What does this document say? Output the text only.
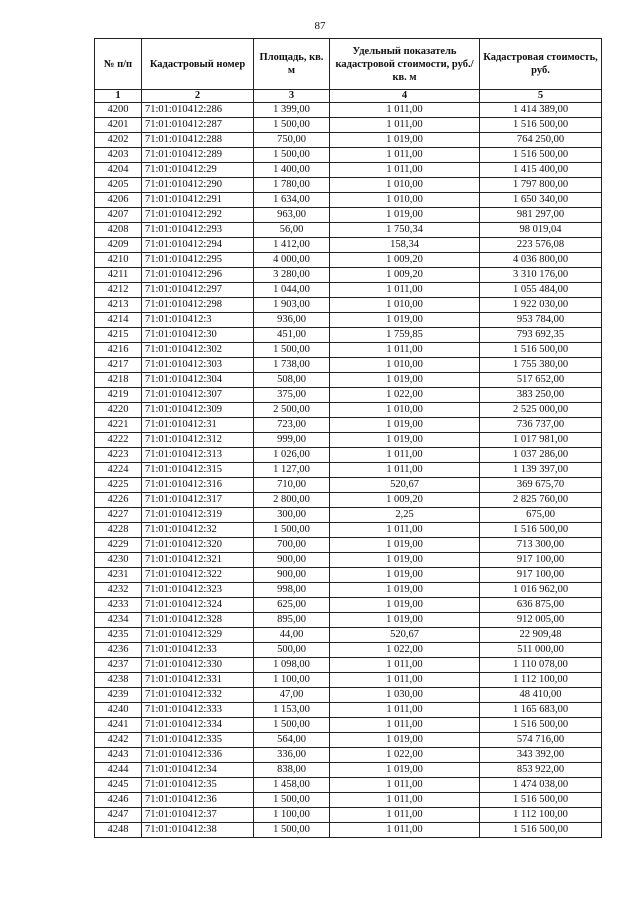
87
№ п/п	Кадастровый номер	Площадь, кв. м	Удельный показатель кадастровой стоимости, руб./кв. м	Кадастровая стоимость, руб.
1	2	3	4	5
4200	71:01:010412:286	1 399,00	1 011,00	1 414 389,00
4201	71:01:010412:287	1 500,00	1 011,00	1 516 500,00
4202	71:01:010412:288	750,00	1 019,00	764 250,00
4203	71:01:010412:289	1 500,00	1 011,00	1 516 500,00
4204	71:01:010412:29	1 400,00	1 011,00	1 415 400,00
4205	71:01:010412:290	1 780,00	1 010,00	1 797 800,00
4206	71:01:010412:291	1 634,00	1 010,00	1 650 340,00
4207	71:01:010412:292	963,00	1 019,00	981 297,00
4208	71:01:010412:293	56,00	1 750,34	98 019,04
4209	71:01:010412:294	1 412,00	158,34	223 576,08
4210	71:01:010412:295	4 000,00	1 009,20	4 036 800,00
4211	71:01:010412:296	3 280,00	1 009,20	3 310 176,00
4212	71:01:010412:297	1 044,00	1 011,00	1 055 484,00
4213	71:01:010412:298	1 903,00	1 010,00	1 922 030,00
4214	71:01:010412:3	936,00	1 019,00	953 784,00
4215	71:01:010412:30	451,00	1 759,85	793 692,35
4216	71:01:010412:302	1 500,00	1 011,00	1 516 500,00
4217	71:01:010412:303	1 738,00	1 010,00	1 755 380,00
4218	71:01:010412:304	508,00	1 019,00	517 652,00
4219	71:01:010412:307	375,00	1 022,00	383 250,00
4220	71:01:010412:309	2 500,00	1 010,00	2 525 000,00
4221	71:01:010412:31	723,00	1 019,00	736 737,00
4222	71:01:010412:312	999,00	1 019,00	1 017 981,00
4223	71:01:010412:313	1 026,00	1 011,00	1 037 286,00
4224	71:01:010412:315	1 127,00	1 011,00	1 139 397,00
4225	71:01:010412:316	710,00	520,67	369 675,70
4226	71:01:010412:317	2 800,00	1 009,20	2 825 760,00
4227	71:01:010412:319	300,00	2,25	675,00
4228	71:01:010412:32	1 500,00	1 011,00	1 516 500,00
4229	71:01:010412:320	700,00	1 019,00	713 300,00
4230	71:01:010412:321	900,00	1 019,00	917 100,00
4231	71:01:010412:322	900,00	1 019,00	917 100,00
4232	71:01:010412:323	998,00	1 019,00	1 016 962,00
4233	71:01:010412:324	625,00	1 019,00	636 875,00
4234	71:01:010412:328	895,00	1 019,00	912 005,00
4235	71:01:010412:329	44,00	520,67	22 909,48
4236	71:01:010412:33	500,00	1 022,00	511 000,00
4237	71:01:010412:330	1 098,00	1 011,00	1 110 078,00
4238	71:01:010412:331	1 100,00	1 011,00	1 112 100,00
4239	71:01:010412:332	47,00	1 030,00	48 410,00
4240	71:01:010412:333	1 153,00	1 011,00	1 165 683,00
4241	71:01:010412:334	1 500,00	1 011,00	1 516 500,00
4242	71:01:010412:335	564,00	1 019,00	574 716,00
4243	71:01:010412:336	336,00	1 022,00	343 392,00
4244	71:01:010412:34	838,00	1 019,00	853 922,00
4245	71:01:010412:35	1 458,00	1 011,00	1 474 038,00
4246	71:01:010412:36	1 500,00	1 011,00	1 516 500,00
4247	71:01:010412:37	1 100,00	1 011,00	1 112 100,00
4248	71:01:010412:38	1 500,00	1 011,00	1 516 500,00
